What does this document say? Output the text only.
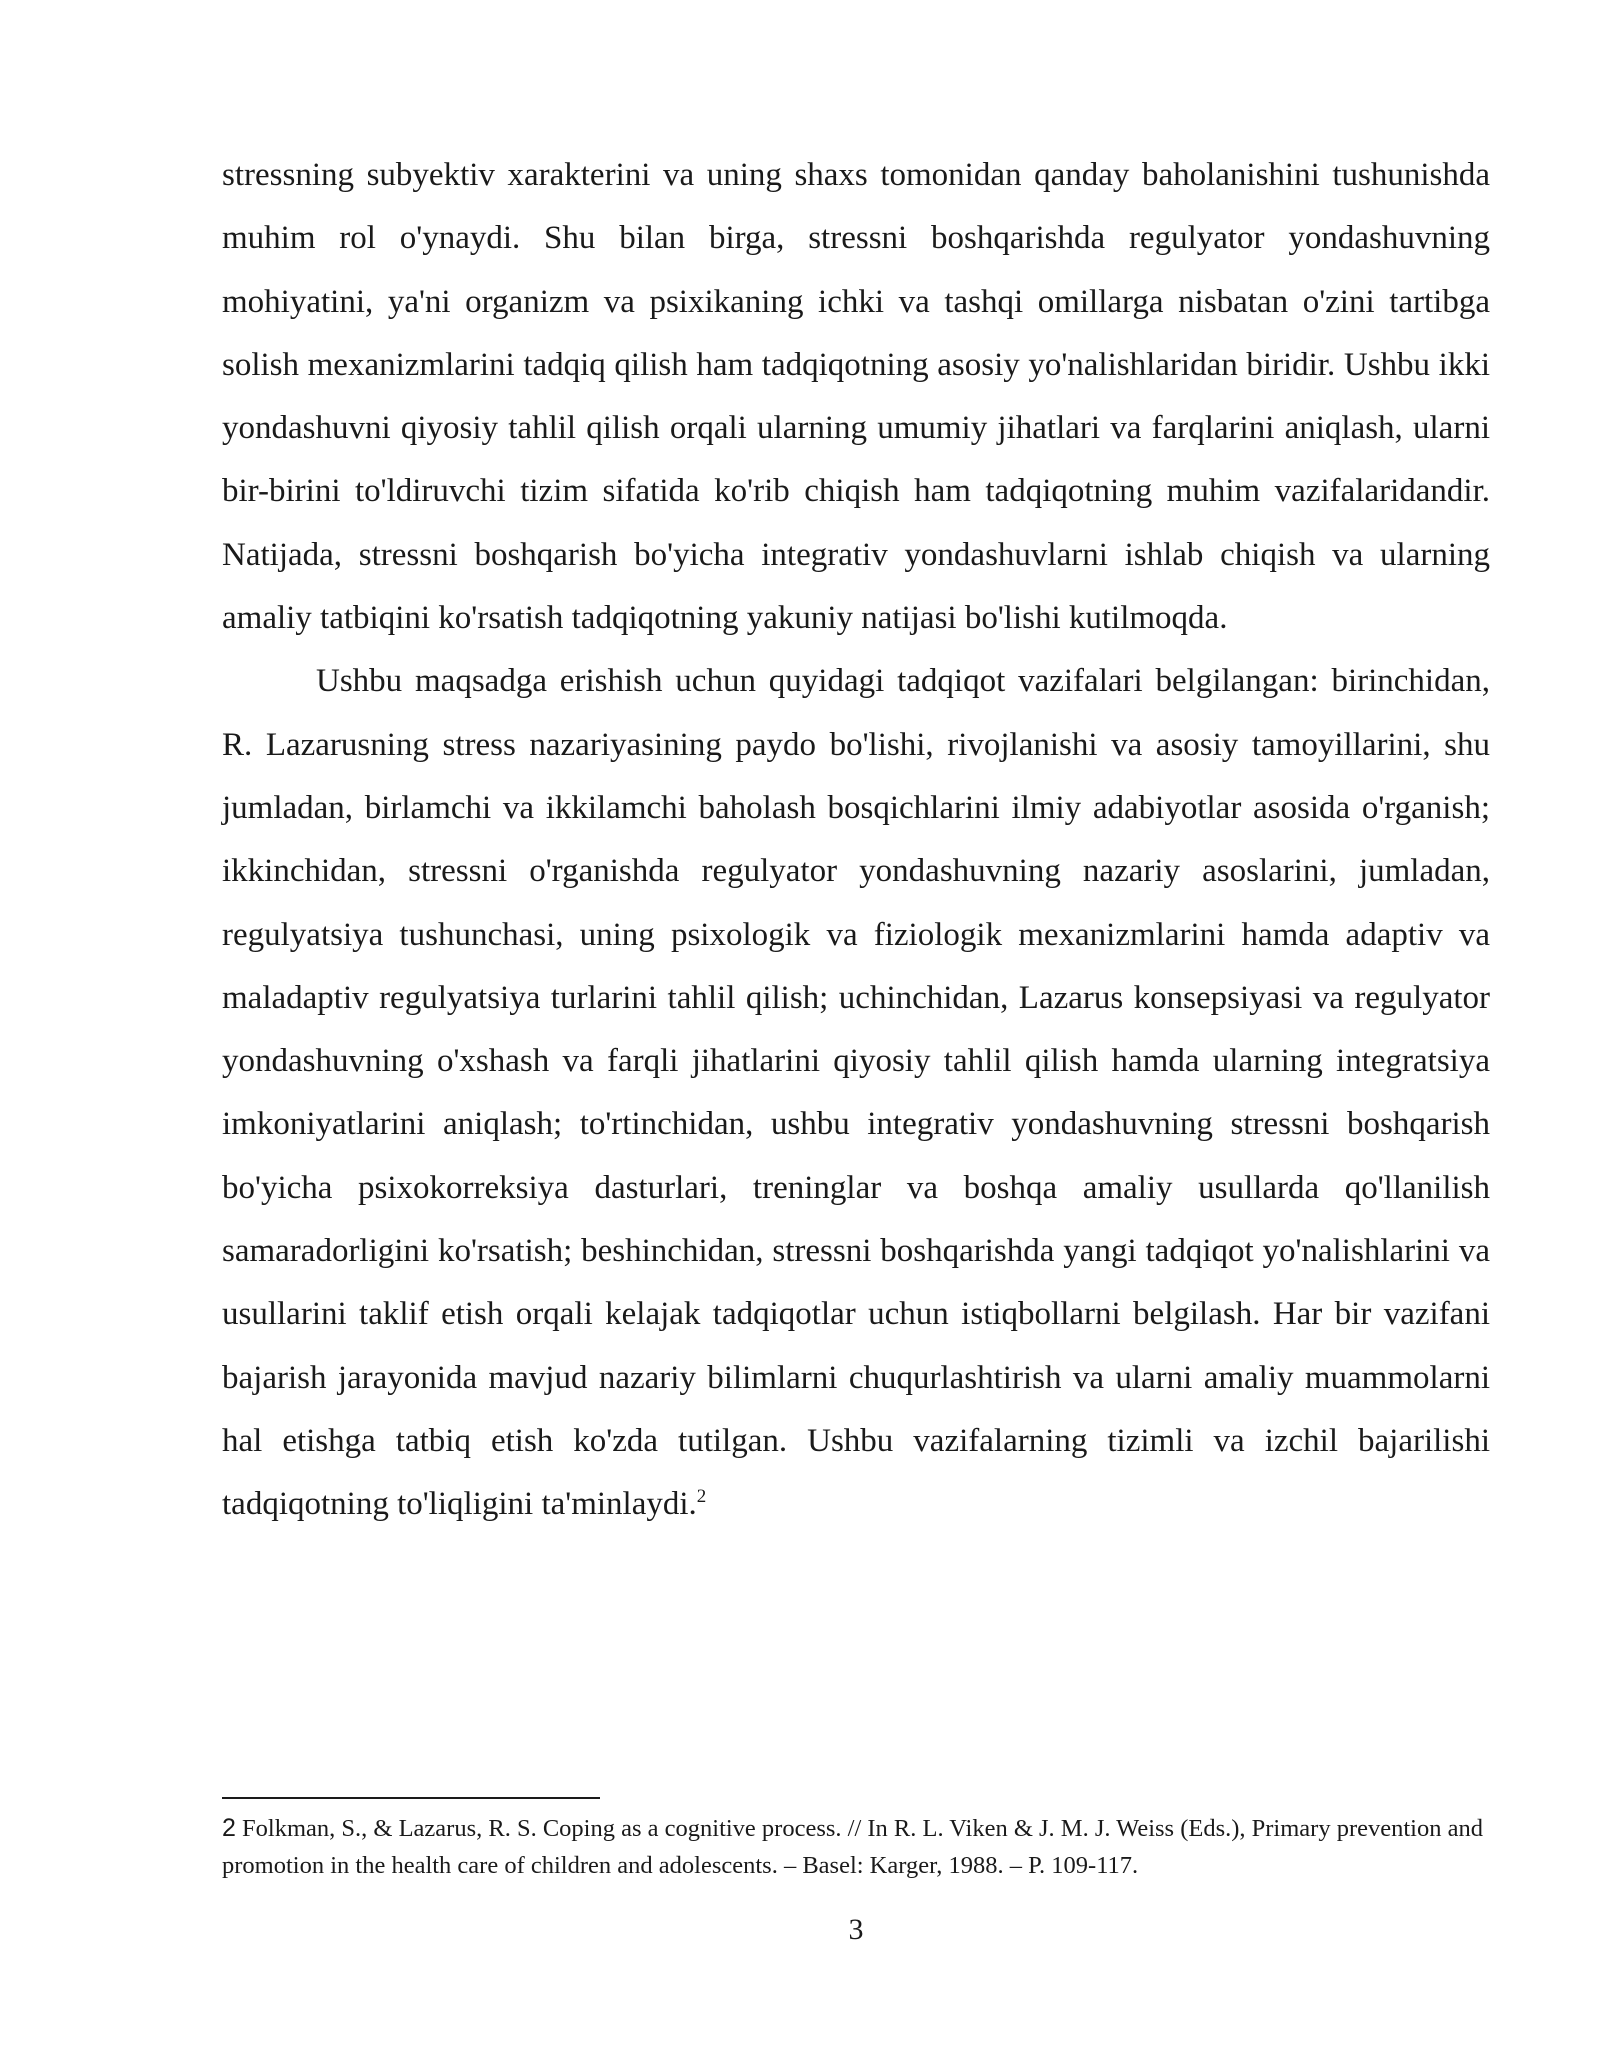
stressning subyektiv xarakterini va uning shaxs tomonidan qanday baholanishini tushunishda muhim rol o'ynaydi. Shu bilan birga, stressni boshqarishda regulyator yondashuvning mohiyatini, ya'ni organizm va psixikaning ichki va tashqi omillarga nisbatan o'zini tartibga solish mexanizmlarini tadqiq qilish ham tadqiqotning asosiy yo'nalishlaridan biridir. Ushbu ikki yondashuvni qiyosiy tahlil qilish orqali ularning umumiy jihatlari va farqlarini aniqlash, ularni bir-birini to'ldiruvchi tizim sifatida ko'rib chiqish ham tadqiqotning muhim vazifalaridandir. Natijada, stressni boshqarish bo'yicha integrativ yondashuvlarni ishlab chiqish va ularning amaliy tatbiqini ko'rsatish tadqiqotning yakuniy natijasi bo'lishi kutilmoqda.

Ushbu maqsadga erishish uchun quyidagi tadqiqot vazifalari belgilangan: birinchidan, R. Lazarusning stress nazariyasining paydo bo'lishi, rivojlanishi va asosiy tamoyillarini, shu jumladan, birlamchi va ikkilamchi baholash bosqichlarini ilmiy adabiyotlar asosida o'rganish; ikkinchidan, stressni o'rganishda regulyator yondashuvning nazariy asoslarini, jumladan, regulyatsiya tushunchasi, uning psixologik va fiziologik mexanizmlarini hamda adaptiv va maladaptiv regulyatsiya turlarini tahlil qilish; uchinchidan, Lazarus konsepsiyasi va regulyator yondashuvning o'xshash va farqli jihatlarini qiyosiy tahlil qilish hamda ularning integratsiya imkoniyatlarini aniqlash; to'rtinchidan, ushbu integrativ yondashuvning stressni boshqarish bo'yicha psixokorreksiya dasturlari, treninglar va boshqa amaliy usullarda qo'llanilish samaradorligini ko'rsatish; beshinchidan, stressni boshqarishda yangi tadqiqot yo'nalishlarini va usullarini taklif etish orqali kelajak tadqiqotlar uchun istiqbollarni belgilash. Har bir vazifani bajarish jarayonida mavjud nazariy bilimlarni chuqurlashtirish va ularni amaliy muammolarni hal etishga tatbiq etish ko'zda tutilgan. Ushbu vazifalarning tizimli va izchil bajarilishi tadqiqotning to'liqligini ta'minlaydi.$^2$

2 Folkman, S., & Lazarus, R. S. Coping as a cognitive process. // In R. L. Viken & J. M. J. Weiss (Eds.), Primary prevention and promotion in the health care of children and adolescents. – Basel: Karger, 1988. – P. 109-117.
3
